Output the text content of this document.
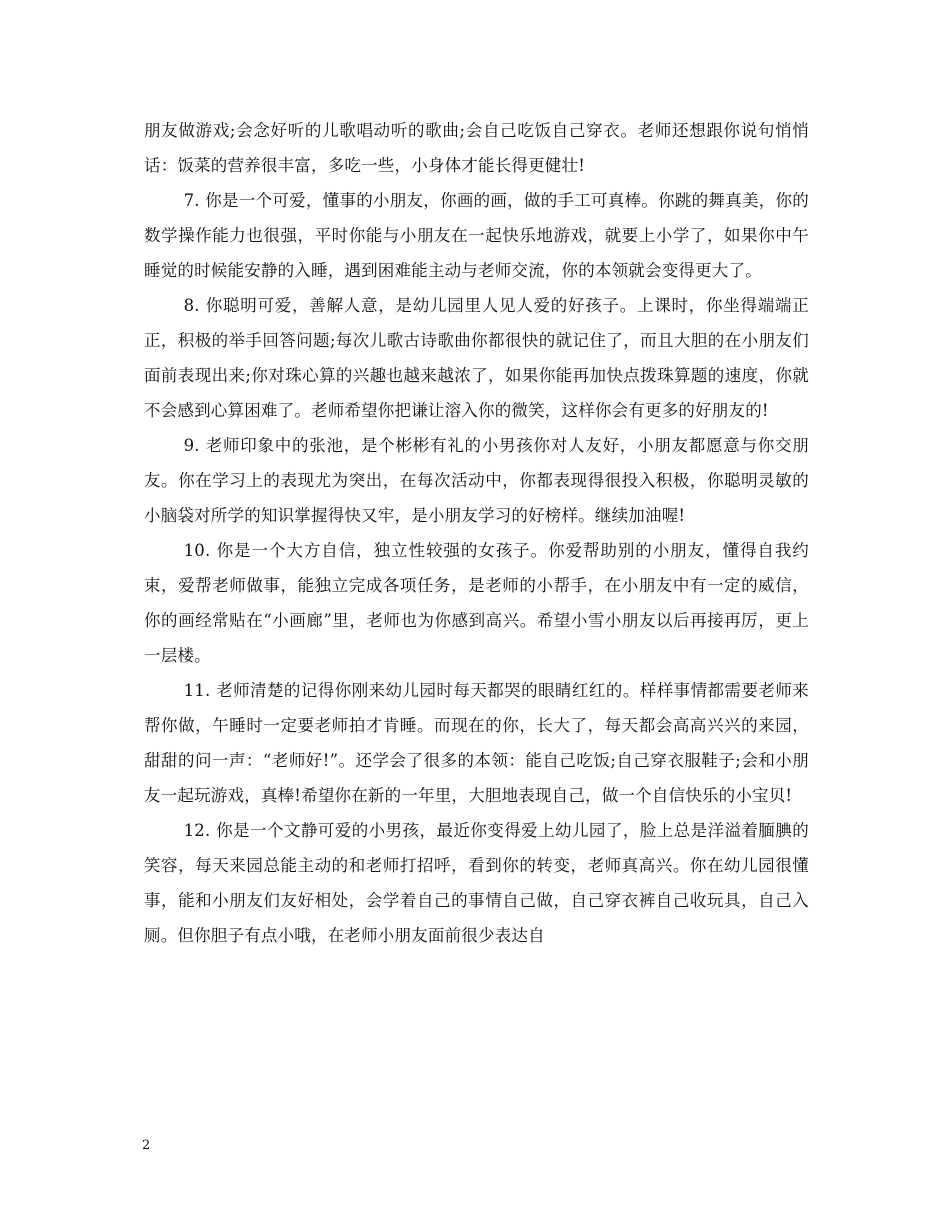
朋友做游戏;会念好听的儿歌唱动听的歌曲;会自己吃饭自己穿衣。老师还想跟你说句悄悄话：饭菜的营养很丰富，多吃一些，小身体才能长得更健壮!

7. 你是一个可爱，懂事的小朋友，你画的画，做的手工可真棒。你跳的舞真美，你的数学操作能力也很强，平时你能与小朋友在一起快乐地游戏，就要上小学了，如果你中午睡觉的时候能安静的入睡，遇到困难能主动与老师交流，你的本领就会变得更大了。

8. 你聪明可爱，善解人意，是幼儿园里人见人爱的好孩子。上课时，你坐得端端正正，积极的举手回答问题;每次儿歌古诗歌曲你都很快的就记住了，而且大胆的在小朋友们面前表现出来;你对珠心算的兴趣也越来越浓了，如果你能再加快点拨珠算题的速度，你就不会感到心算困难了。老师希望你把谦让溶入你的微笑，这样你会有更多的好朋友的!

9. 老师印象中的张池，是个彬彬有礼的小男孩你对人友好，小朋友都愿意与你交朋友。你在学习上的表现尤为突出，在每次活动中，你都表现得很投入积极，你聪明灵敏的小脑袋对所学的知识掌握得快又牢，是小朋友学习的好榜样。继续加油喔!

10. 你是一个大方自信，独立性较强的女孩子。你爱帮助别的小朋友，懂得自我约束，爱帮老师做事，能独立完成各项任务，是老师的小帮手，在小朋友中有一定的威信，你的画经常贴在“小画廊”里，老师也为你感到高兴。希望小雪小朋友以后再接再厉，更上一层楼。

11. 老师清楚的记得你刚来幼儿园时每天都哭的眼睛红红的。样样事情都需要老师来帮你做，午睡时一定要老师拍才肯睡。而现在的你，长大了，每天都会高高兴兴的来园，甜甜的问一声：“老师好!”。还学会了很多的本领：能自己吃饭;自己穿衣服鞋子;会和小朋友一起玩游戏，真棒!希望你在新的一年里，大胆地表现自己，做一个自信快乐的小宝贝!

12. 你是一个文静可爱的小男孩，最近你变得爱上幼儿园了，脸上总是洋溢着腼腆的笑容，每天来园总能主动的和老师打招呼，看到你的转变，老师真高兴。你在幼儿园很懂事，能和小朋友们友好相处，会学着自己的事情自己做，自己穿衣裤自己收玩具，自己入厕。但你胆子有点小哦，在老师小朋友面前很少表达自

2
